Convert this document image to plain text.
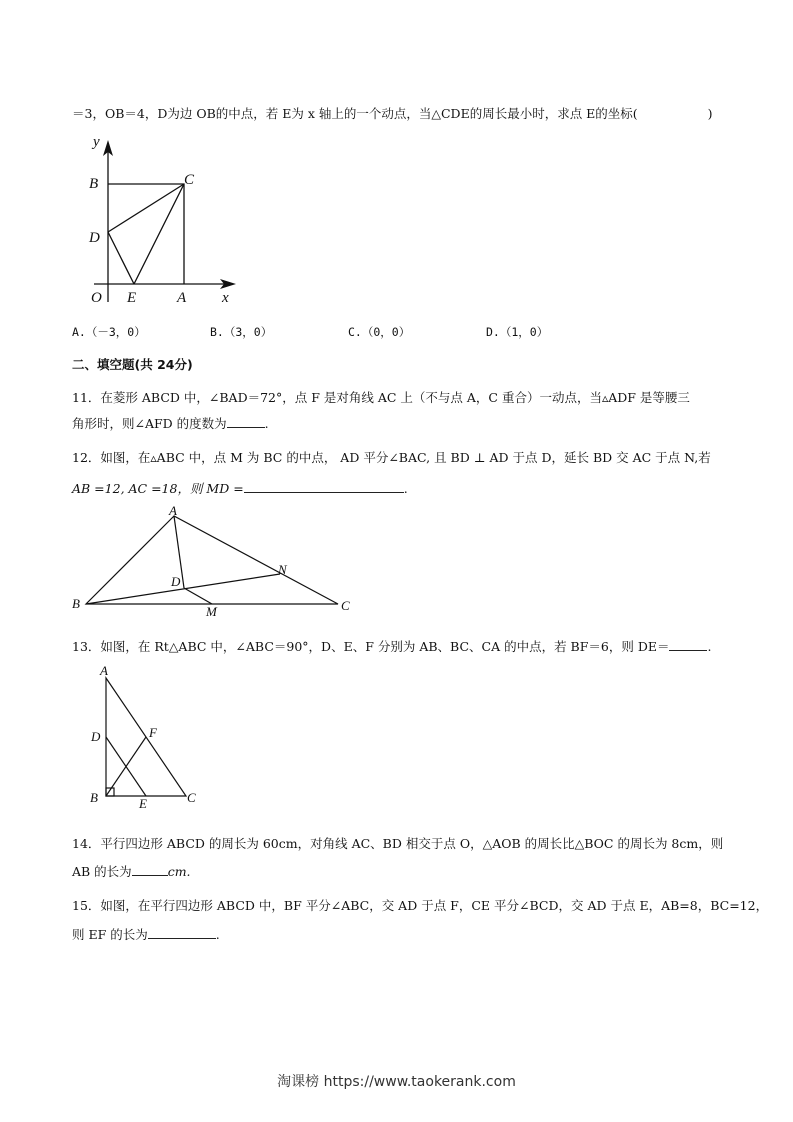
＝3，OB＝4，D为边 OB的中点，若 E为 x 轴上的一个动点，当△CDE的周长最小时，求点 E的坐标(	)
y
x
O E	A
B	C
D
A.（－3，0）	B.（3，0）	C.（0，0）	D.（1，0）
二、填空题(共 24分)
11．在菱形 ABCD 中，∠BAD＝72°，点 F 是对角线 AC 上（不与点 A，C 重合）一动点，当▵ADF 是等腰三
角形时，则∠AFD 的度数为	.
12．如图，在▵ABC 中，点 M 为 BC 的中点， AD 平分∠BAC, 且 BD ⊥ AD 于点 D，延长 BD 交 AC 于点 N,若
AB =12, AC =18，则 MD =	.
A
B	C
D
M
N
13．如图，在 Rt△ABC 中，∠ABC＝90°，D、E、F 分别为 AB、BC、CA 的中点，若 BF＝6，则 DE＝	.
A
B	C
D
E
F
14．平行四边形 ABCD 的周长为 60cm，对角线 AC、BD 相交于点 O，△AOB 的周长比△BOC 的周长为 8cm，则
AB 的长为	cm.
15．如图，在平行四边形 ABCD 中，BF 平分∠ABC，交 AD 于点 F，CE 平分∠BCD，交 AD 于点 E，AB=8，BC=12，
则 EF 的长为	.
淘课榜 https://www.taokerank.com
